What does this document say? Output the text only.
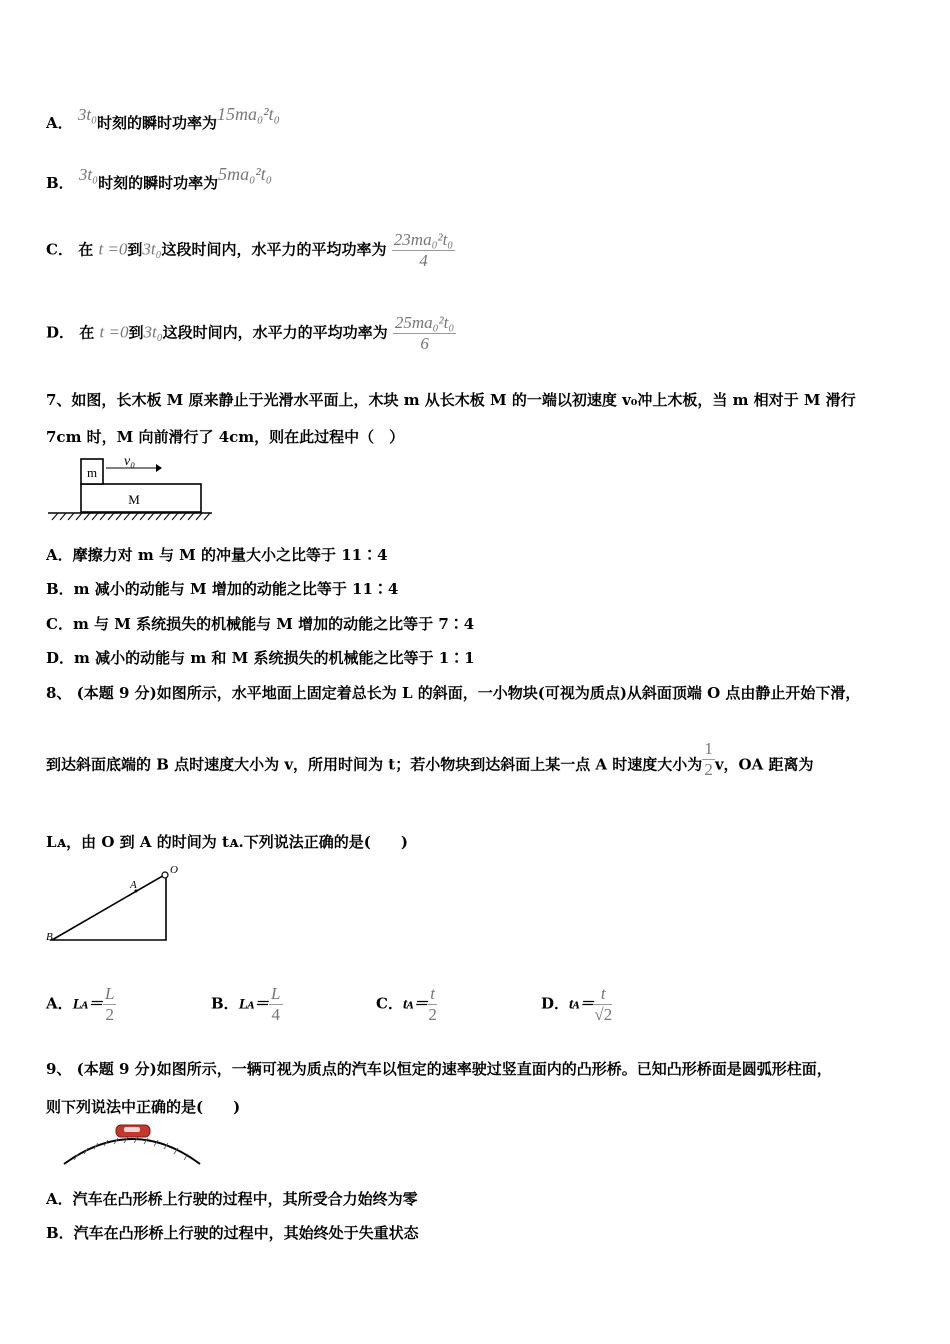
A． 3t₀时刻的瞬时功率为15ma₀²t₀
B． 3t₀时刻的瞬时功率为5ma₀²t₀
C． 在 t =0到3t₀这段时间内，水平力的平均功率为 $\frac{\text{23ma₀²t₀}}{4}$
D． 在 t =0到3t₀这段时间内，水平力的平均功率为 $\frac{\text{25ma₀²t₀}}{6}$
7、如图，长木板 M 原来静止于光滑水平面上，木块 m 从长木板 M 的一端以初速度 v₀冲上木板，当 m 相对于 M 滑行
7cm 时，M 向前滑行了 4cm，则在此过程中（　）
m
M
v₀
A．摩擦力对 m 与 M 的冲量大小之比等于 11∶4
B．m 减小的动能与 M 增加的动能之比等于 11∶4
C．m 与 M 系统损失的机械能与 M 增加的动能之比等于 7∶4
D．m 减小的动能与 m 和 M 系统损失的机械能之比等于 1∶1
8、 (本题 9 分)如图所示，水平地面上固定着总长为 L 的斜面，一小物块(可视为质点)从斜面顶端 O 点由静止开始下滑，
到达斜面底端的 B 点时速度大小为 v，所用时间为 t；若小物块到达斜面上某一点 A 时速度大小为 $\frac{1}{2}$ v，OA 距离为
Lᴀ，由 O 到 A 的时间为 tᴀ.下列说法正确的是(　　)
O
A
B
A．Lᴀ＝ $\frac{L}{2}$	B．Lᴀ＝ $\frac{L}{4}$	C．tᴀ＝ $\frac{t}{2}$	D．tᴀ＝ $\frac{t}{√2}$
9、 (本题 9 分)如图所示，一辆可视为质点的汽车以恒定的速率驶过竖直面内的凸形桥。已知凸形桥面是圆弧形柱面，
则下列说法中正确的是(　　)
A．汽车在凸形桥上行驶的过程中，其所受合力始终为零
B．汽车在凸形桥上行驶的过程中，其始终处于失重状态
